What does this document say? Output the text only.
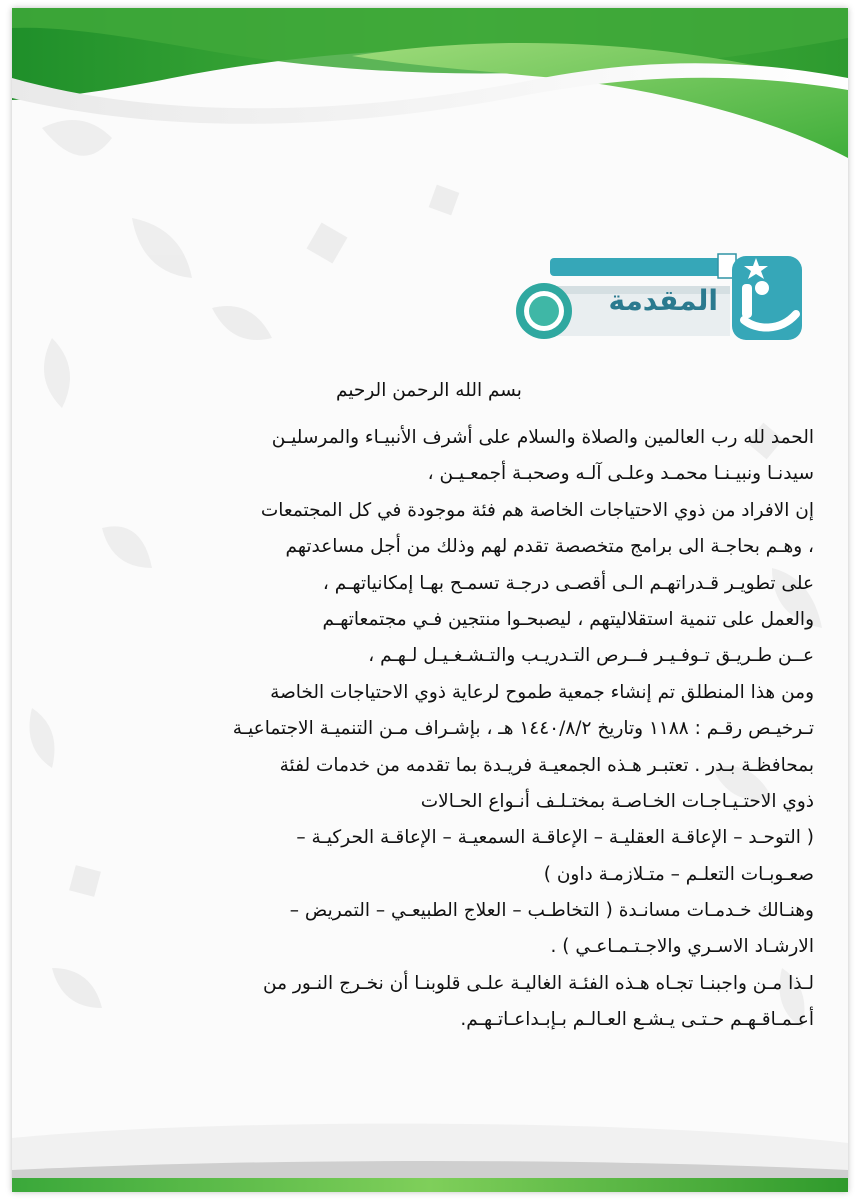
المقدمة
بسم الله الرحمن الرحيم
الحمد لله رب العالمين والصلاة والسلام على أشرف الأنبيـاء والمرسليـن
سيدنـا ونبيـنـا محمـد وعلـى آلـه وصحبـة أجمعـيـن ،
إن الافراد من ذوي الاحتياجات الخاصة هم فئة موجودة في كل المجتمعات
، وهـم بحاجـة الى برامج متخصصة تقدم لهم وذلك من أجل مساعدتهم
على تطويـر قـدراتهـم الـى أقصـى درجـة تسمـح بهـا إمكانياتهـم ،
والعمل على تنمية استقلاليتهم ، ليصبحـوا منتجين فـي مجتمعاتهـم
عــن طـريـق تـوفـيـر فــرص التـدريـب والتـشـغـيـل لـهـم ،
ومن هذا المنطلق تم إنشاء جمعية طموح لرعاية ذوي الاحتياجات الخاصة
تـرخيـص رقـم : ١١٨٨ وتاريخ ١٤٤٠/٨/٢ هـ ، بإشـراف مـن التنميـة الاجتماعيـة
بمحافظـة بـدر . تعتبـر هـذه الجمعيـة فريـدة بما تقدمه من خدمات لفئة
ذوي الاحتـيـاجـات الخـاصـة بمختـلـف أنـواع الحـالات
( التوحـد – الإعاقـة العقليـة – الإعاقـة السمعيـة – الإعاقـة الحركيـة –
صعـوبـات التعلـم – متـلازمـة داون )
وهنـالك خـدمـات مسانـدة ( التخاطـب – العلاج الطبيعـي – التمريض –
الارشـاد الاسـري والاجـتـمـاعـي ) .
لـذا مـن واجبنـا تجـاه هـذه الفئـة الغاليـة علـى قلوبنـا أن نخـرج النـور من
أعـمـاقـهـم حـتـى يـشـع العـالـم بـإبـداعـاتـهـم.
